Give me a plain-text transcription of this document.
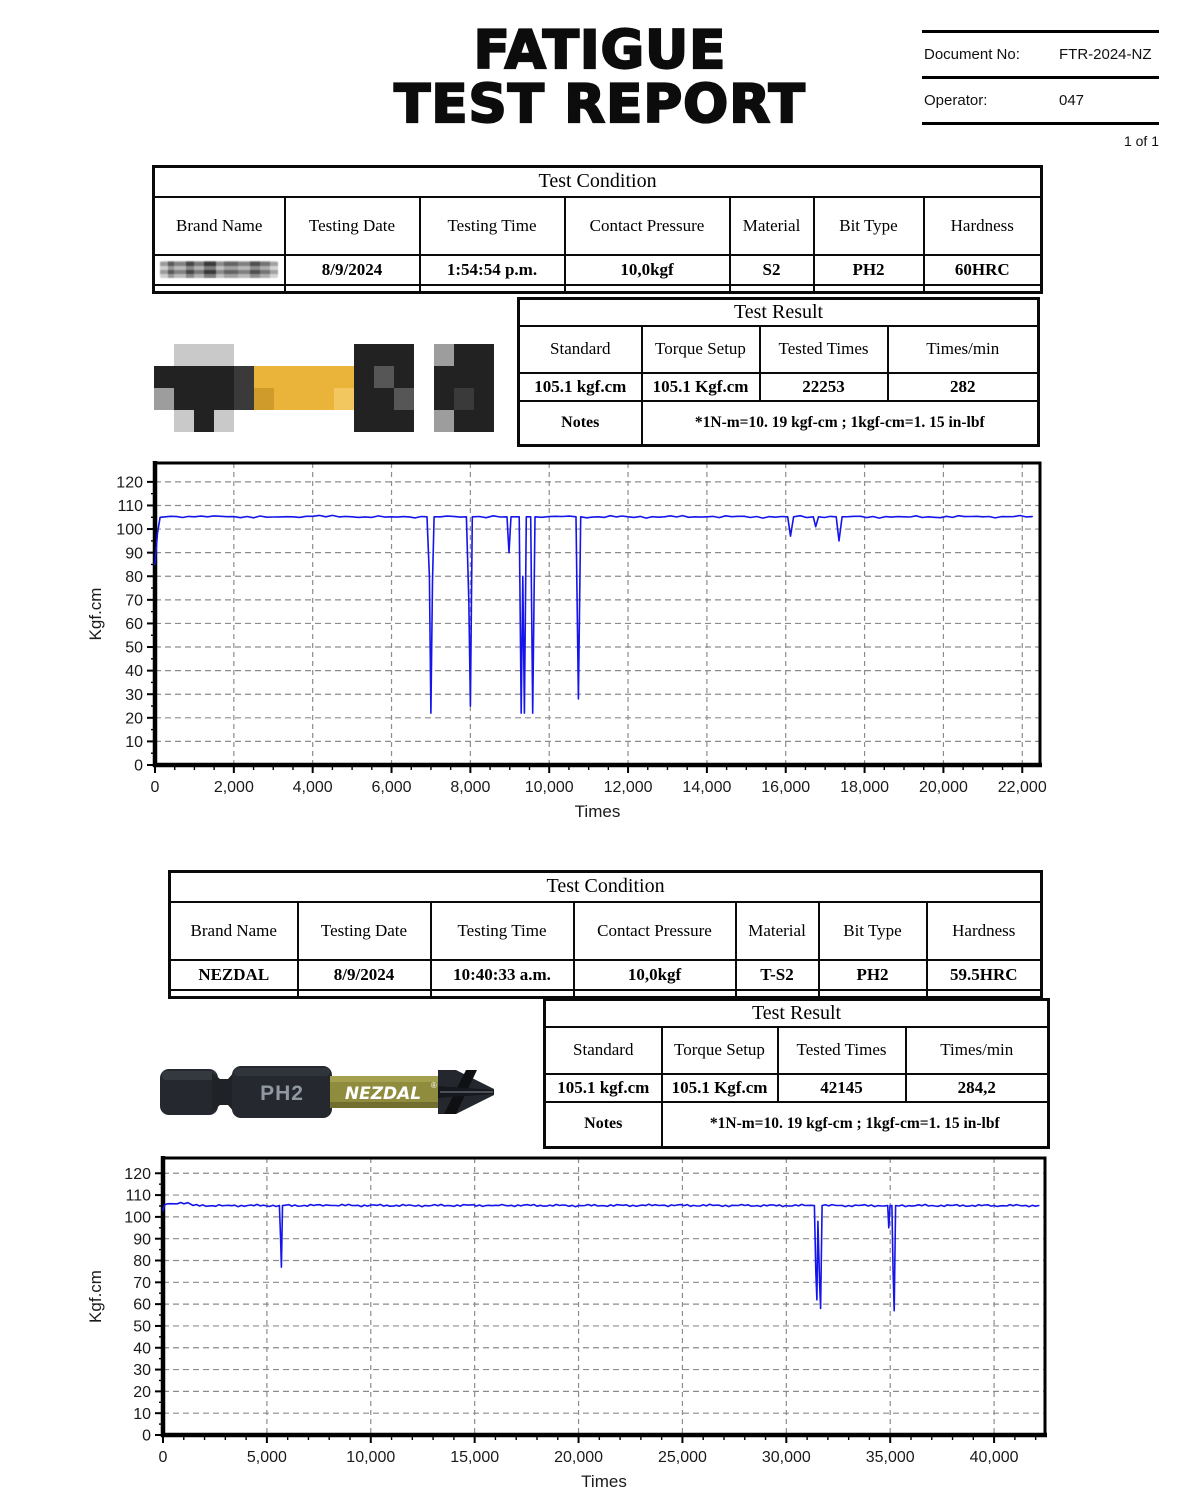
FATIGUE
TEST REPORT
Document No:	FTR-2024-NZ
Operator:	047
1 of 1
Test Condition						
Brand Name	Testing Date	Testing Time	Contact Pressure	Material	Bit Type	Hardness

	8/9/2024	1:54:54 p.m.	10,0kgf	S2	PH2	60HRC

Test Result			
Standard	Torque Setup	Tested Times	Times/min
105.1 kgf.cm	105.1 Kgf.cm	22253	282
Notes	*1N-m=10. 19 kgf-cm ; 1kgf-cm=1. 15 in-lbf		
0
10
20
30
40
50
60
70
80
90
100
110
120
0	2,000 4,000 6,000 8,000 10,000 12,000 14,000 16,000 18,000 20,000 22,000
Kgf.cm
Times
Test Condition						
Brand Name	Testing Date	Testing Time	Contact Pressure	Material	Bit Type	Hardness
NEZDAL	8/9/2024	10:40:33 a.m.	10,0kgf	T-S2	PH2	59.5HRC

Test Result			
Standard	Torque Setup	Tested Times	Times/min
105.1 kgf.cm	105.1 Kgf.cm	42145	284,2
Notes	*1N-m=10. 19 kgf-cm ; 1kgf-cm=1. 15 in-lbf		
PH2 NEZDAL ®
0
10
20
30
40
50
60
70
80
90
100
110
120
0	5,000	10,000	15,000	20,000	25,000	30,000	35,000	40,000
Kgf.cm
Times
